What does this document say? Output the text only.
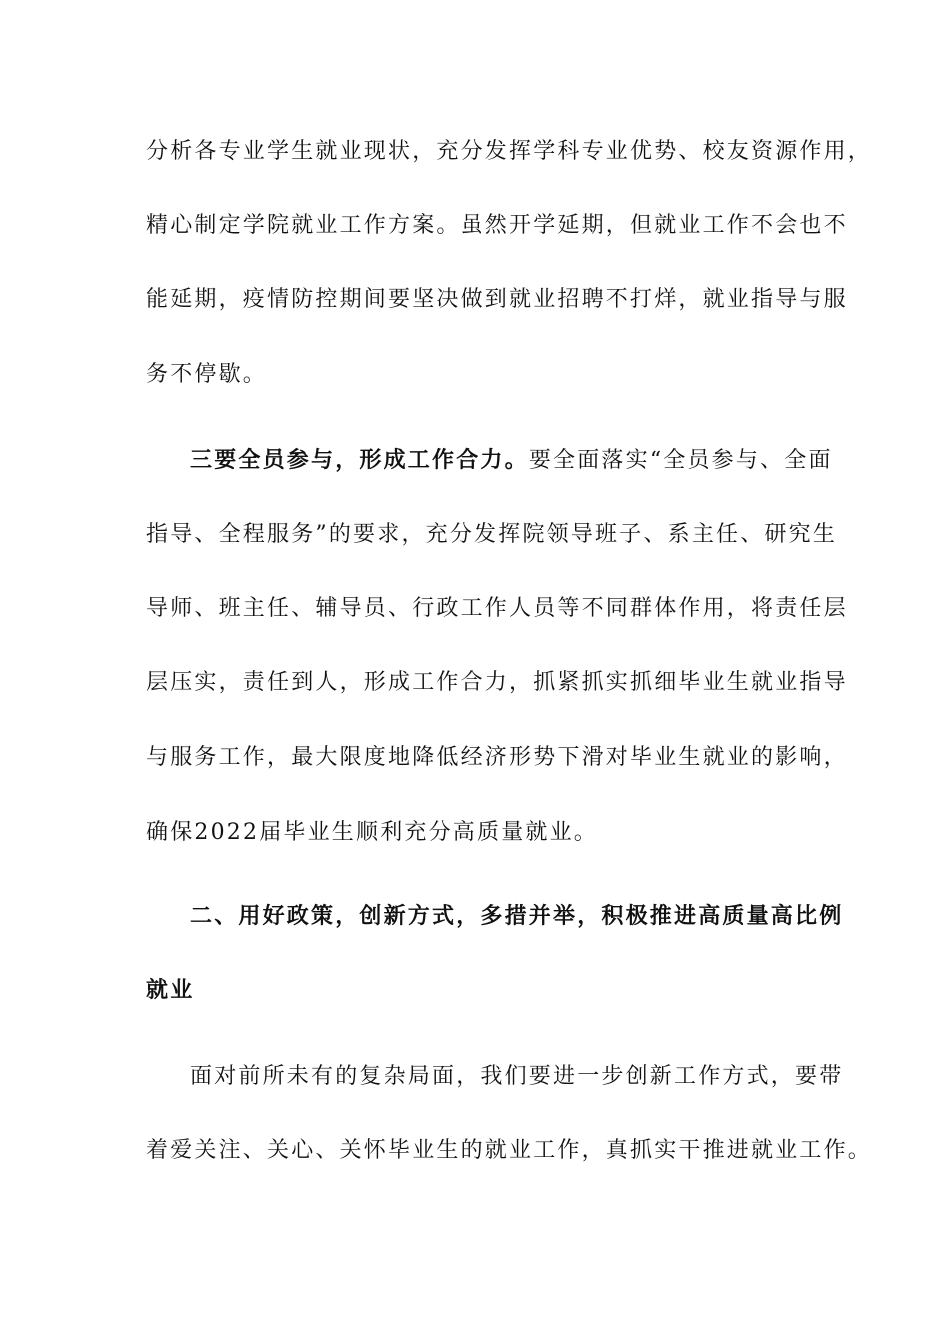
分析各专业学生就业现状，充分发挥学科专业优势、校友资源作用，
精心制定学院就业工作方案。虽然开学延期，但就业工作不会也不
能延期，疫情防控期间要坚决做到就业招聘不打烊，就业指导与服
务不停歇。
三要全员参与，形成工作合力。要全面落实“全员参与、全面
指导、全程服务”的要求，充分发挥院领导班子、系主任、研究生
导师、班主任、辅导员、行政工作人员等不同群体作用，将责任层
层压实，责任到人，形成工作合力，抓紧抓实抓细毕业生就业指导
与服务工作，最大限度地降低经济形势下滑对毕业生就业的影响，
确保2022届毕业生顺利充分高质量就业。
二、用好政策，创新方式，多措并举，积极推进高质量高比例
就业
面对前所未有的复杂局面，我们要进一步创新工作方式，要带
着爱关注、关心、关怀毕业生的就业工作，真抓实干推进就业工作。
